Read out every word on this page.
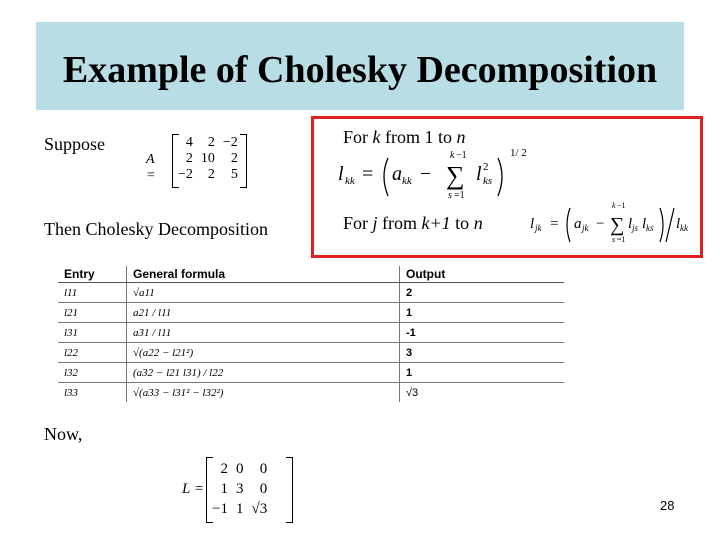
Example of Cholesky Decomposition
Suppose
A =
4	2	−2
2	10	2
−2	2	5
Then Cholesky Decomposition
For k from 1 to n
l kk = a kk −
k −1
∑
s =1
l 2
ks
1/ 2
For j from k+1 to n	l jk = a jk −
k −1
∑
s =1
l js l ks l kk
Entry	General formula	Output
l11	√a11	2
l21	a21 / l11	1
l31	a31 / l11	-1
l22	√(a22 − l21²)	3
l32	(a32 − l21 l31) / l22	1
l33	√(a33 − l31² − l32²)	√3
Now,
L =
2	0	0
1	3	0
−1	1	√3	28
